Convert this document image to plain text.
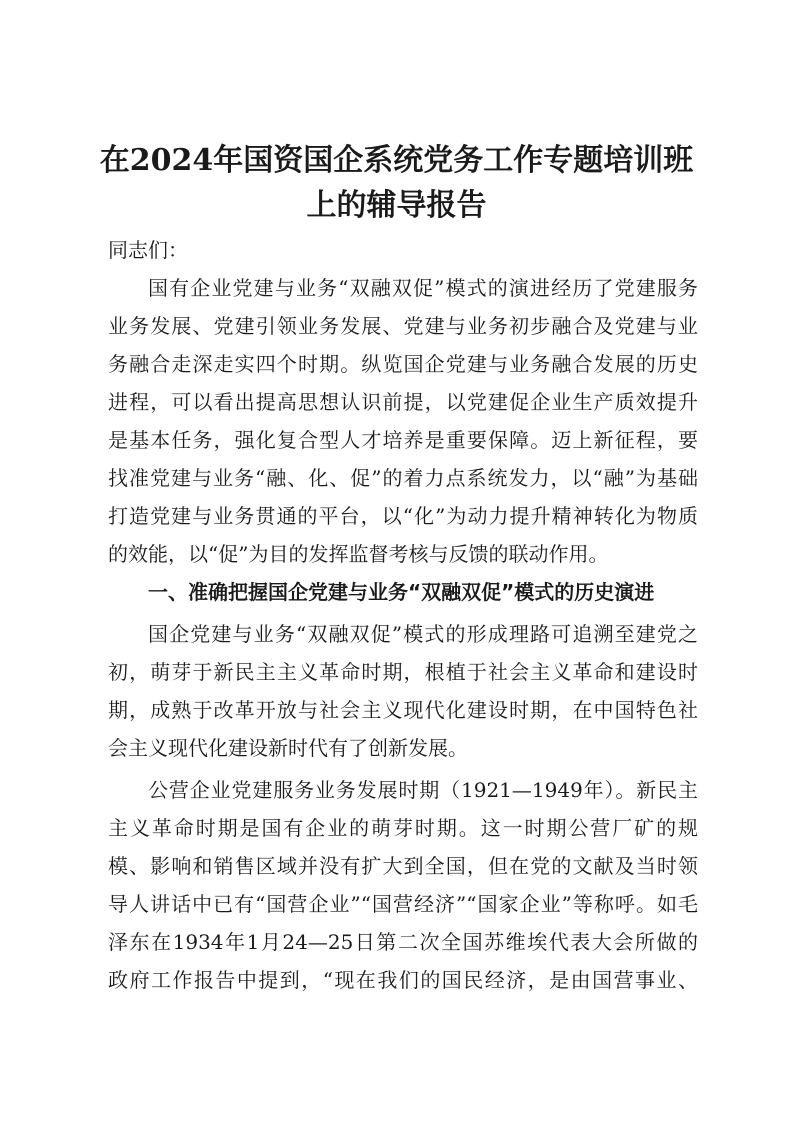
在2024年国资国企系统党务工作专题培训班
上的辅导报告
同志们：
国有企业党建与业务“双融双促”模式的演进经历了党建服务
业务发展、党建引领业务发展、党建与业务初步融合及党建与业
务融合走深走实四个时期。纵览国企党建与业务融合发展的历史
进程，可以看出提高思想认识前提，以党建促企业生产质效提升
是基本任务，强化复合型人才培养是重要保障。迈上新征程，要
找准党建与业务“融、化、促”的着力点系统发力，以“融”为基础
打造党建与业务贯通的平台，以“化”为动力提升精神转化为物质
的效能，以“促”为目的发挥监督考核与反馈的联动作用。
一、准确把握国企党建与业务“双融双促”模式的历史演进
国企党建与业务“双融双促”模式的形成理路可追溯至建党之
初，萌芽于新民主主义革命时期，根植于社会主义革命和建设时
期，成熟于改革开放与社会主义现代化建设时期，在中国特色社
会主义现代化建设新时代有了创新发展。
公营企业党建服务业务发展时期（1921—1949年）。新民主
主义革命时期是国有企业的萌芽时期。这一时期公营厂矿的规
模、影响和销售区域并没有扩大到全国，但在党的文献及当时领
导人讲话中已有“国营企业”“国营经济”“国家企业”等称呼。如毛
泽东在1934年1月24—25日第二次全国苏维埃代表大会所做的
政府工作报告中提到，“现在我们的国民经济，是由国营事业、
